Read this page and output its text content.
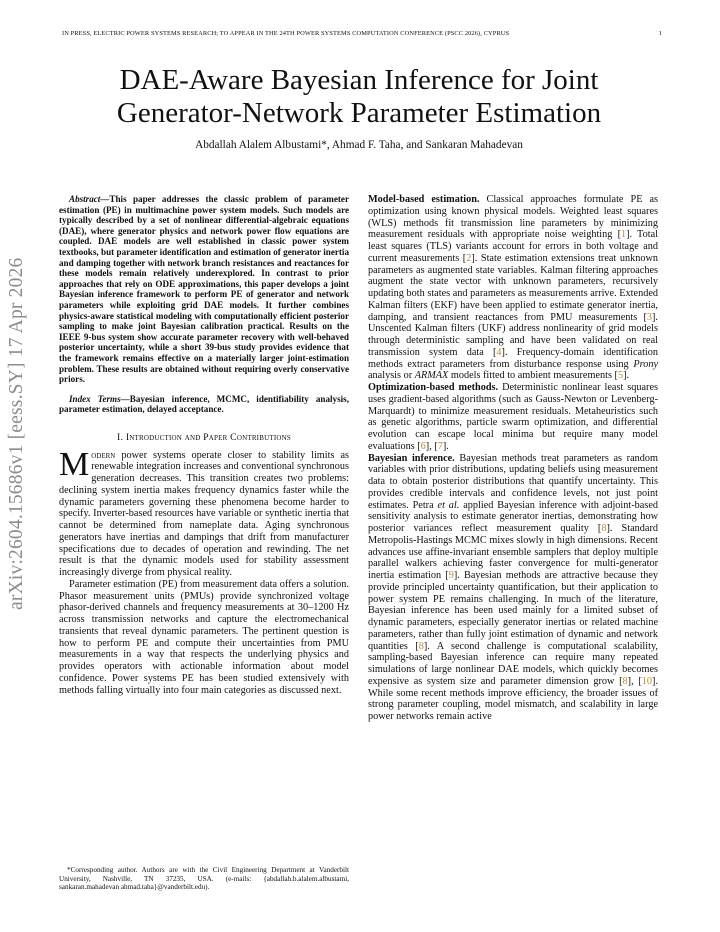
IN PRESS, ELECTRIC POWER SYSTEMS RESEARCH; TO APPEAR IN THE 24TH POWER SYSTEMS COMPUTATION CONFERENCE (PSCC 2026), CYPRUS	1
arXiv:2604.15686v1 [eess.SY] 17 Apr 2026
DAE-Aware Bayesian Inference for Joint Generator-Network Parameter Estimation
Abdallah Alalem Albustami*, Ahmad F. Taha, and Sankaran Mahadevan

Abstract—This paper addresses the classic problem of parameter estimation (PE) in multimachine power system models. Such models are typically described by a set of nonlinear differential-algebraic equations (DAE), where generator physics and network power flow equations are coupled. DAE models are well established in classic power system textbooks, but parameter identification and estimation of generator inertia and damping together with network branch resistances and reactances for these models remain relatively underexplored. In contrast to prior approaches that rely on ODE approximations, this paper develops a joint Bayesian inference framework to perform PE of generator and network parameters while exploiting grid DAE models. It further combines physics-aware statistical modeling with computationally efficient posterior sampling to make joint Bayesian calibration practical. Results on the IEEE 9-bus system show accurate parameter recovery with well-behaved posterior uncertainty, while a short 39-bus study provides evidence that the framework remains effective on a materially larger joint-estimation problem. These results are obtained without requiring overly conservative priors.

Index Terms—Bayesian inference, MCMC, identifiability analysis, parameter estimation, delayed acceptance.

I. Introduction and Paper Contributions

Modern power systems operate closer to stability limits as renewable integration increases and conventional synchronous generation decreases. This transition creates two problems: declining system inertia makes frequency dynamics faster while the dynamic parameters governing these phenomena become harder to specify. Inverter-based resources have variable or synthetic inertia that cannot be determined from nameplate data. Aging synchronous generators have inertias and dampings that drift from manufacturer specifications due to decades of operation and rewinding. The net result is that the dynamic models used for stability assessment increasingly diverge from physical reality.

Parameter estimation (PE) from measurement data offers a solution. Phasor measurement units (PMUs) provide synchronized voltage phasor-derived channels and frequency measurements at 30–1200 Hz across transmission networks and capture the electromechanical transients that reveal dynamic parameters. The pertinent question is how to perform PE and compute their uncertainties from PMU measurements in a way that respects the underlying physics and provides operators with actionable information about model confidence. Power systems PE has been studied extensively with methods falling virtually into four main categories as discussed next.

*Corresponding author. Authors are with the Civil Engineering Department at Vanderbilt University, Nashville, TN 37235, USA. (e-mails: {abdallah.b.alalem.albustami, sankaran.mahadevan ahmad.taha}@vanderbilt.edu).

Model-based estimation. Classical approaches formulate PE as optimization using known physical models. Weighted least squares (WLS) methods fit transmission line parameters by minimizing measurement residuals with appropriate noise weighting [1]. Total least squares (TLS) variants account for errors in both voltage and current measurements [2]. State estimation extensions treat unknown parameters as augmented state variables. Kalman filtering approaches augment the state vector with unknown parameters, recursively updating both states and parameters as measurements arrive. Extended Kalman filters (EKF) have been applied to estimate generator inertia, damping, and transient reactances from PMU measurements [3]. Unscented Kalman filters (UKF) address nonlinearity of grid models through deterministic sampling and have been validated on real transmission system data [4]. Frequency-domain identification methods extract parameters from disturbance response using Prony analysis or ARMAX models fitted to ambient measurements [5].

Optimization-based methods. Deterministic nonlinear least squares uses gradient-based algorithms (such as Gauss-Newton or Levenberg-Marquardt) to minimize measurement residuals. Metaheuristics such as genetic algorithms, particle swarm optimization, and differential evolution can escape local minima but require many model evaluations [6], [7].

Bayesian inference. Bayesian methods treat parameters as random variables with prior distributions, updating beliefs using measurement data to obtain posterior distributions that quantify uncertainty. This provides credible intervals and confidence levels, not just point estimates. Petra et al. applied Bayesian inference with adjoint-based sensitivity analysis to estimate generator inertias, demonstrating how posterior variances reflect measurement quality [8]. Standard Metropolis-Hastings MCMC mixes slowly in high dimensions. Recent advances use affine-invariant ensemble samplers that deploy multiple parallel walkers achieving faster convergence for multi-generator inertia estimation [9]. Bayesian methods are attractive because they provide principled uncertainty quantification, but their application to power system PE remains challenging. In much of the literature, Bayesian inference has been used mainly for a limited subset of dynamic parameters, especially generator inertias or related machine parameters, rather than fully joint estimation of dynamic and network quantities [8]. A second challenge is computational scalability, sampling-based Bayesian inference can require many repeated simulations of large nonlinear DAE models, which quickly becomes expensive as system size and parameter dimension grow [8], [10]. While some recent methods improve efficiency, the broader issues of strong parameter coupling, model mismatch, and scalability in large power networks remain active
